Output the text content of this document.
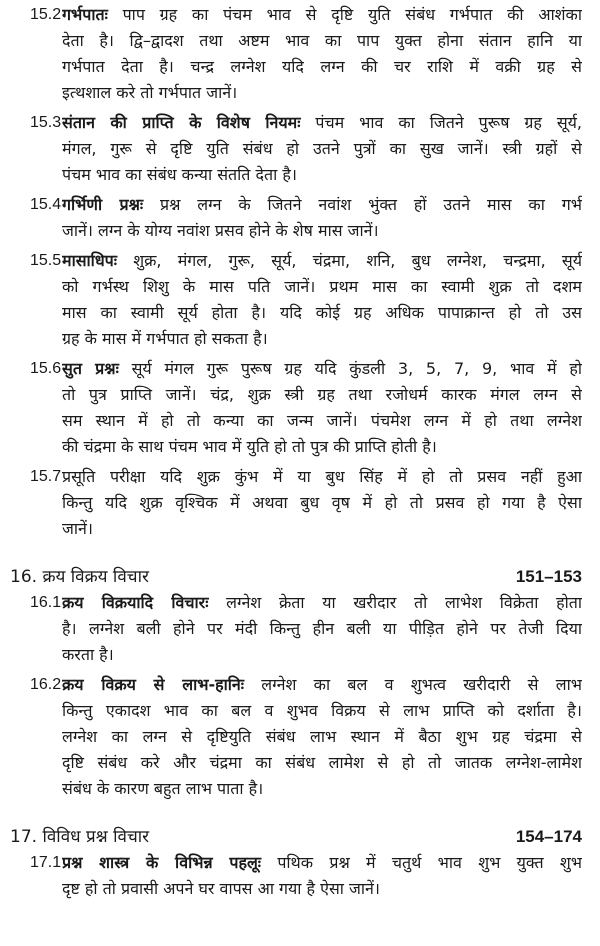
15.2 गर्भपातः पाप ग्रह का पंचम भाव से दृष्टि युति संबंध गर्भपात की आशंका
देता है। द्वि–द्वादश तथा अष्टम भाव का पाप युक्त होना संतान हानि या
गर्भपात देता है। चन्द्र लग्नेश यदि लग्न की चर राशि में वक्री ग्रह से
इत्थशाल करे तो गर्भपात जानें।
15.3 संतान की प्राप्ति के विशेष नियमः पंचम भाव का जितने पुरूष ग्रह सूर्य,
मंगल, गुरू से दृष्टि युति संबंध हो उतने पुत्रों का सुख जानें। स्त्री ग्रहों से
पंचम भाव का संबंध कन्या संतति देता है।
15.4 गर्भिणी प्रश्नः प्रश्न लग्न के जितने नवांश भुंक्त हों उतने मास का गर्भ
जानें। लग्न के योग्य नवांश प्रसव होने के शेष मास जानें।
15.5 मासाधिपः शुक्र, मंगल, गुरू, सूर्य, चंद्रमा, शनि, बुध लग्नेश, चन्द्रमा, सूर्य
को गर्भस्थ शिशु के मास पति जानें। प्रथम मास का स्वामी शुक्र तो दशम
मास का स्वामी सूर्य होता है। यदि कोई ग्रह अधिक पापाक्रान्त हो तो उस
ग्रह के मास में गर्भपात हो सकता है।
15.6 सुत प्रश्नः सूर्य मंगल गुरू पुरूष ग्रह यदि कुंडली 3, 5, 7, 9, भाव में हो
तो पुत्र प्राप्ति जानें। चंद्र, शुक्र स्त्री ग्रह तथा रजोधर्म कारक मंगल लग्न से
सम स्थान में हो तो कन्या का जन्म जानें। पंचमेश लग्न में हो तथा लग्नेश
की चंद्रमा के साथ पंचम भाव में युति हो तो पुत्र की प्राप्ति होती है।
15.7 प्रसूति परीक्षा यदि शुक्र कुंभ में या बुध सिंह में हो तो प्रसव नहीं हुआ
किन्तु यदि शुक्र वृश्चिक में अथवा बुध वृष में हो तो प्रसव हो गया है ऐसा
जानें।
16. क्रय विक्रय विचार	151–153
16.1 क्रय विक्रयादि विचारः लग्नेश क्रेता या खरीदार तो लाभेश विक्रेता होता
है। लग्नेश बली होने पर मंदी किन्तु हीन बली या पीड़ित होने पर तेजी दिया
करता है।
16.2 क्रय विक्रय से लाभ-हानिः लग्नेश का बल व शुभत्व खरीदारी से लाभ
किन्तु एकादश भाव का बल व शुभव विक्रय से लाभ प्राप्ति को दर्शाता है।
लग्नेश का लग्न से दृष्टियुति संबंध लाभ स्थान में बैठा शुभ ग्रह चंद्रमा से
दृष्टि संबंध करे और चंद्रमा का संबंध लामेश से हो तो जातक लग्नेश-लामेश
संबंध के कारण बहुत लाभ पाता है।
17. विविध प्रश्न विचार	154–174
17.1 प्रश्न शास्त्र के विभिन्न पहलूः पथिक प्रश्न में चतुर्थ भाव शुभ युक्त शुभ
दृष्ट हो तो प्रवासी अपने घर वापस आ गया है ऐसा जानें।
